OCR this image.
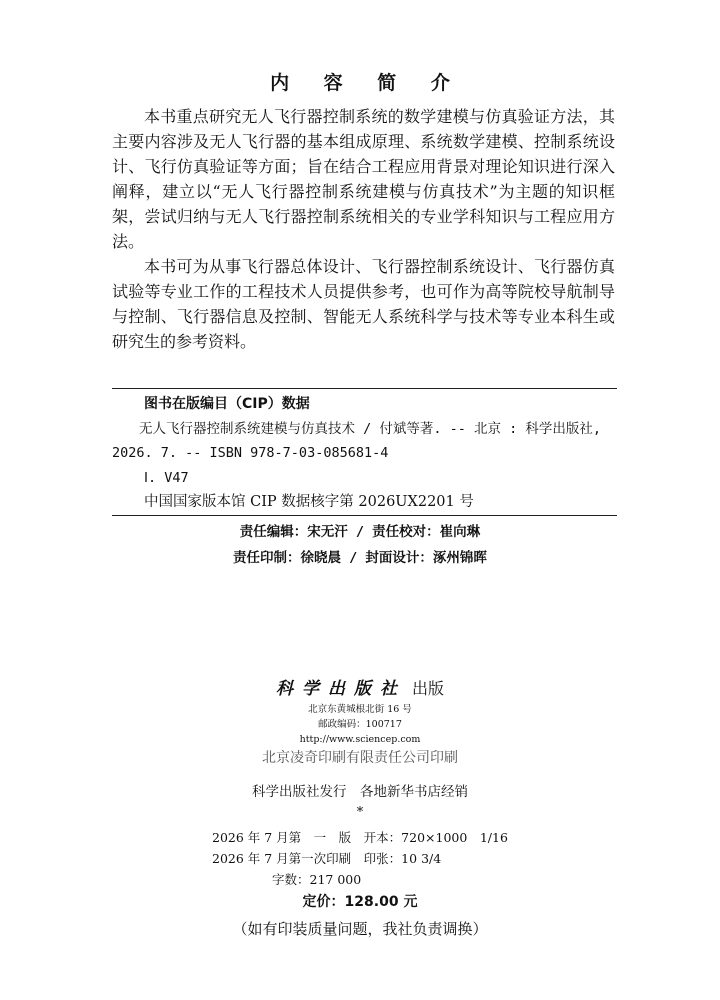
内 容 简 介

本书重点研究无人飞行器控制系统的数学建模与仿真验证方法，其主要内容涉及无人飞行器的基本组成原理、系统数学建模、控制系统设计、飞行仿真验证等方面；旨在结合工程应用背景对理论知识进行深入阐释，建立以“无人飞行器控制系统建模与仿真技术”为主题的知识框架，尝试归纳与无人飞行器控制系统相关的专业学科知识与工程应用方法。

本书可为从事飞行器总体设计、飞行器控制系统设计、飞行器仿真试验等专业工作的工程技术人员提供参考，也可作为高等院校导航制导与控制、飞行器信息及控制、智能无人系统科学与技术等专业本科生或研究生的参考资料。

图书在版编目（CIP）数据
无人飞行器控制系统建模与仿真技术 / 付斌等著. -- 北京 : 科学出版社, 2026. 7. -- ISBN 978-7-03-085681-4
Ⅰ. V47
中国国家版本馆 CIP 数据核字第 2026UX2201 号
责任编辑：宋无汗 / 责任校对：崔向琳
责任印制：徐晓晨 / 封面设计：涿州锦晖
科学出版社 出版
北京东黄城根北街 16 号
邮政编码：100717
http://www.sciencep.com
北京凌奇印刷有限责任公司印刷
科学出版社发行　各地新华书店经销
*
2026 年 7 月第　一　版　开本：720×1000　1/16
2026 年 7 月第一次印刷　印张：10 3/4
字数：217 000
定价：128.00 元
（如有印装质量问题，我社负责调换）
